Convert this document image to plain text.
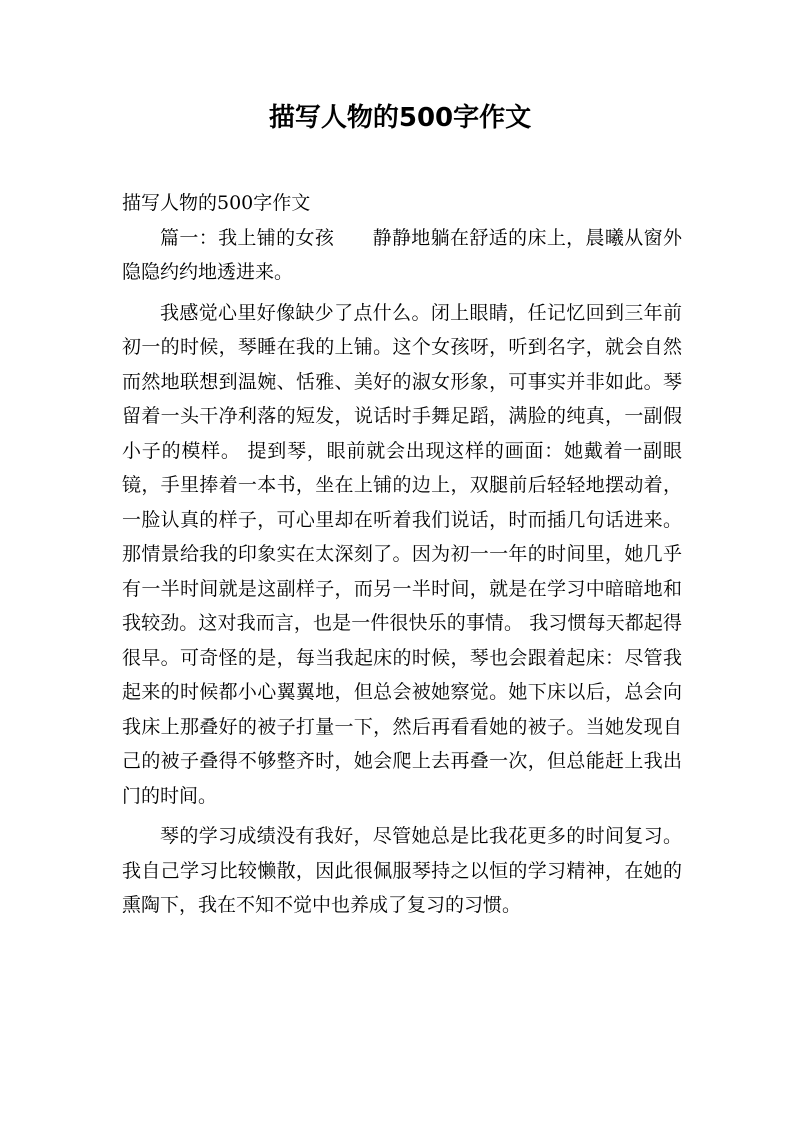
描写人物的500字作文

描写人物的500字作文

篇一：我上铺的女孩 静静地躺在舒适的床上，晨曦从窗外隐隐约约地透进来。

我感觉心里好像缺少了点什么。闭上眼睛，任记忆回到三年前初一的时候，琴睡在我的上铺。这个女孩呀，听到名字，就会自然而然地联想到温婉、恬雅、美好的淑女形象，可事实并非如此。琴留着一头干净利落的短发，说话时手舞足蹈，满脸的纯真，一副假小子的模样。 提到琴，眼前就会出现这样的画面：她戴着一副眼镜，手里捧着一本书，坐在上铺的边上，双腿前后轻轻地摆动着，一脸认真的样子，可心里却在听着我们说话，时而插几句话进来。那情景给我的印象实在太深刻了。因为初一一年的时间里，她几乎有一半时间就是这副样子，而另一半时间，就是在学习中暗暗地和我较劲。这对我而言，也是一件很快乐的事情。 我习惯每天都起得很早。可奇怪的是，每当我起床的时候，琴也会跟着起床：尽管我起来的时候都小心翼翼地，但总会被她察觉。她下床以后，总会向我床上那叠好的被子打量一下，然后再看看她的被子。当她发现自己的被子叠得不够整齐时，她会爬上去再叠一次，但总能赶上我出门的时间。

琴的学习成绩没有我好，尽管她总是比我花更多的时间复习。我自己学习比较懒散，因此很佩服琴持之以恒的学习精神，在她的熏陶下，我在不知不觉中也养成了复习的习惯。
